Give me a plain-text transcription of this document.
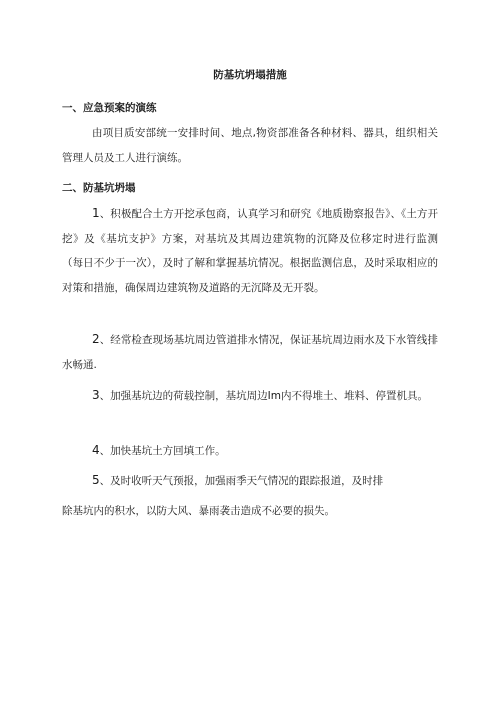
防基坑坍塌措施
一、应急预案的演练

由项目质安部统一安排时间、地点,物资部准备各种材料、器具，组织相关管理人员及工人进行演练。

二、防基坑坍塌

1、积极配合土方开挖承包商，认真学习和研究《地质勘察报告》、《土方开挖》及《基坑支护》方案，对基坑及其周边建筑物的沉降及位移定时进行监测（每日不少于一次），及时了解和掌握基坑情况。根据监测信息，及时采取相应的对策和措施，确保周边建筑物及道路的无沉降及无开裂。

2、经常检查现场基坑周边管道排水情况，保证基坑周边雨水及下水管线排水畅通.

3、加强基坑边的荷载控制，基坑周边Im内不得堆土、堆料、停置机具。

4、加快基坑土方回填工作。

5、及时收听天气预报，加强雨季天气情况的跟踪报道，及时排

除基坑内的积水，以防大风、暴雨袭击造成不必要的损失。
